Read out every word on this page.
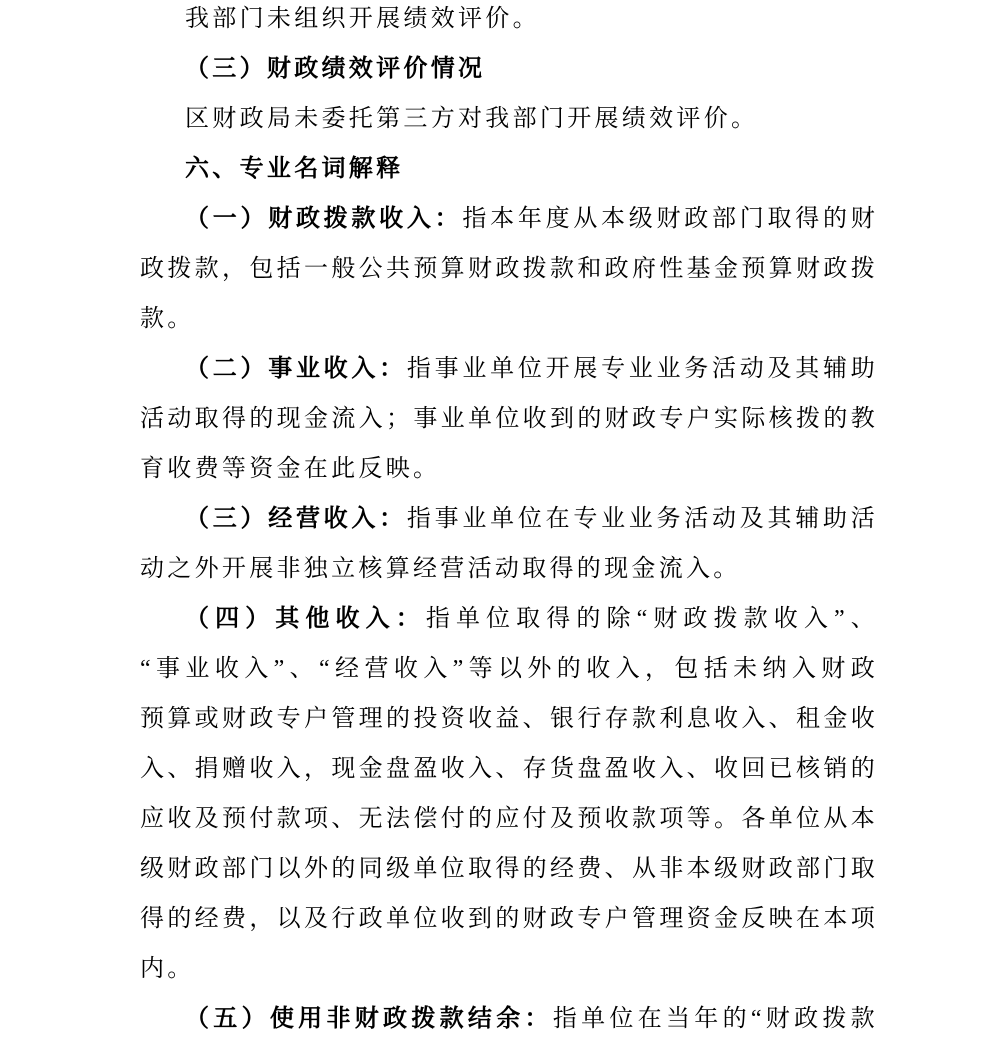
我部门未组织开展绩效评价。
（三）财政绩效评价情况
区财政局未委托第三方对我部门开展绩效评价。
六、专业名词解释
（一）财政拨款收入：指本年度从本级财政部门取得的财
政拨款，包括一般公共预算财政拨款和政府性基金预算财政拨
款。
（二）事业收入：指事业单位开展专业业务活动及其辅助
活动取得的现金流入；事业单位收到的财政专户实际核拨的教
育收费等资金在此反映。
（三）经营收入：指事业单位在专业业务活动及其辅助活
动之外开展非独立核算经营活动取得的现金流入。
（四）其他收入：指单位取得的除“财政拨款收入”、
“事业收入”、“经营收入”等以外的收入，包括未纳入财政
预算或财政专户管理的投资收益、银行存款利息收入、租金收
入、捐赠收入，现金盘盈收入、存货盘盈收入、收回已核销的
应收及预付款项、无法偿付的应付及预收款项等。各单位从本
级财政部门以外的同级单位取得的经费、从非本级财政部门取
得的经费，以及行政单位收到的财政专户管理资金反映在本项
内。
（五）使用非财政拨款结余：指单位在当年的“财政拨款
